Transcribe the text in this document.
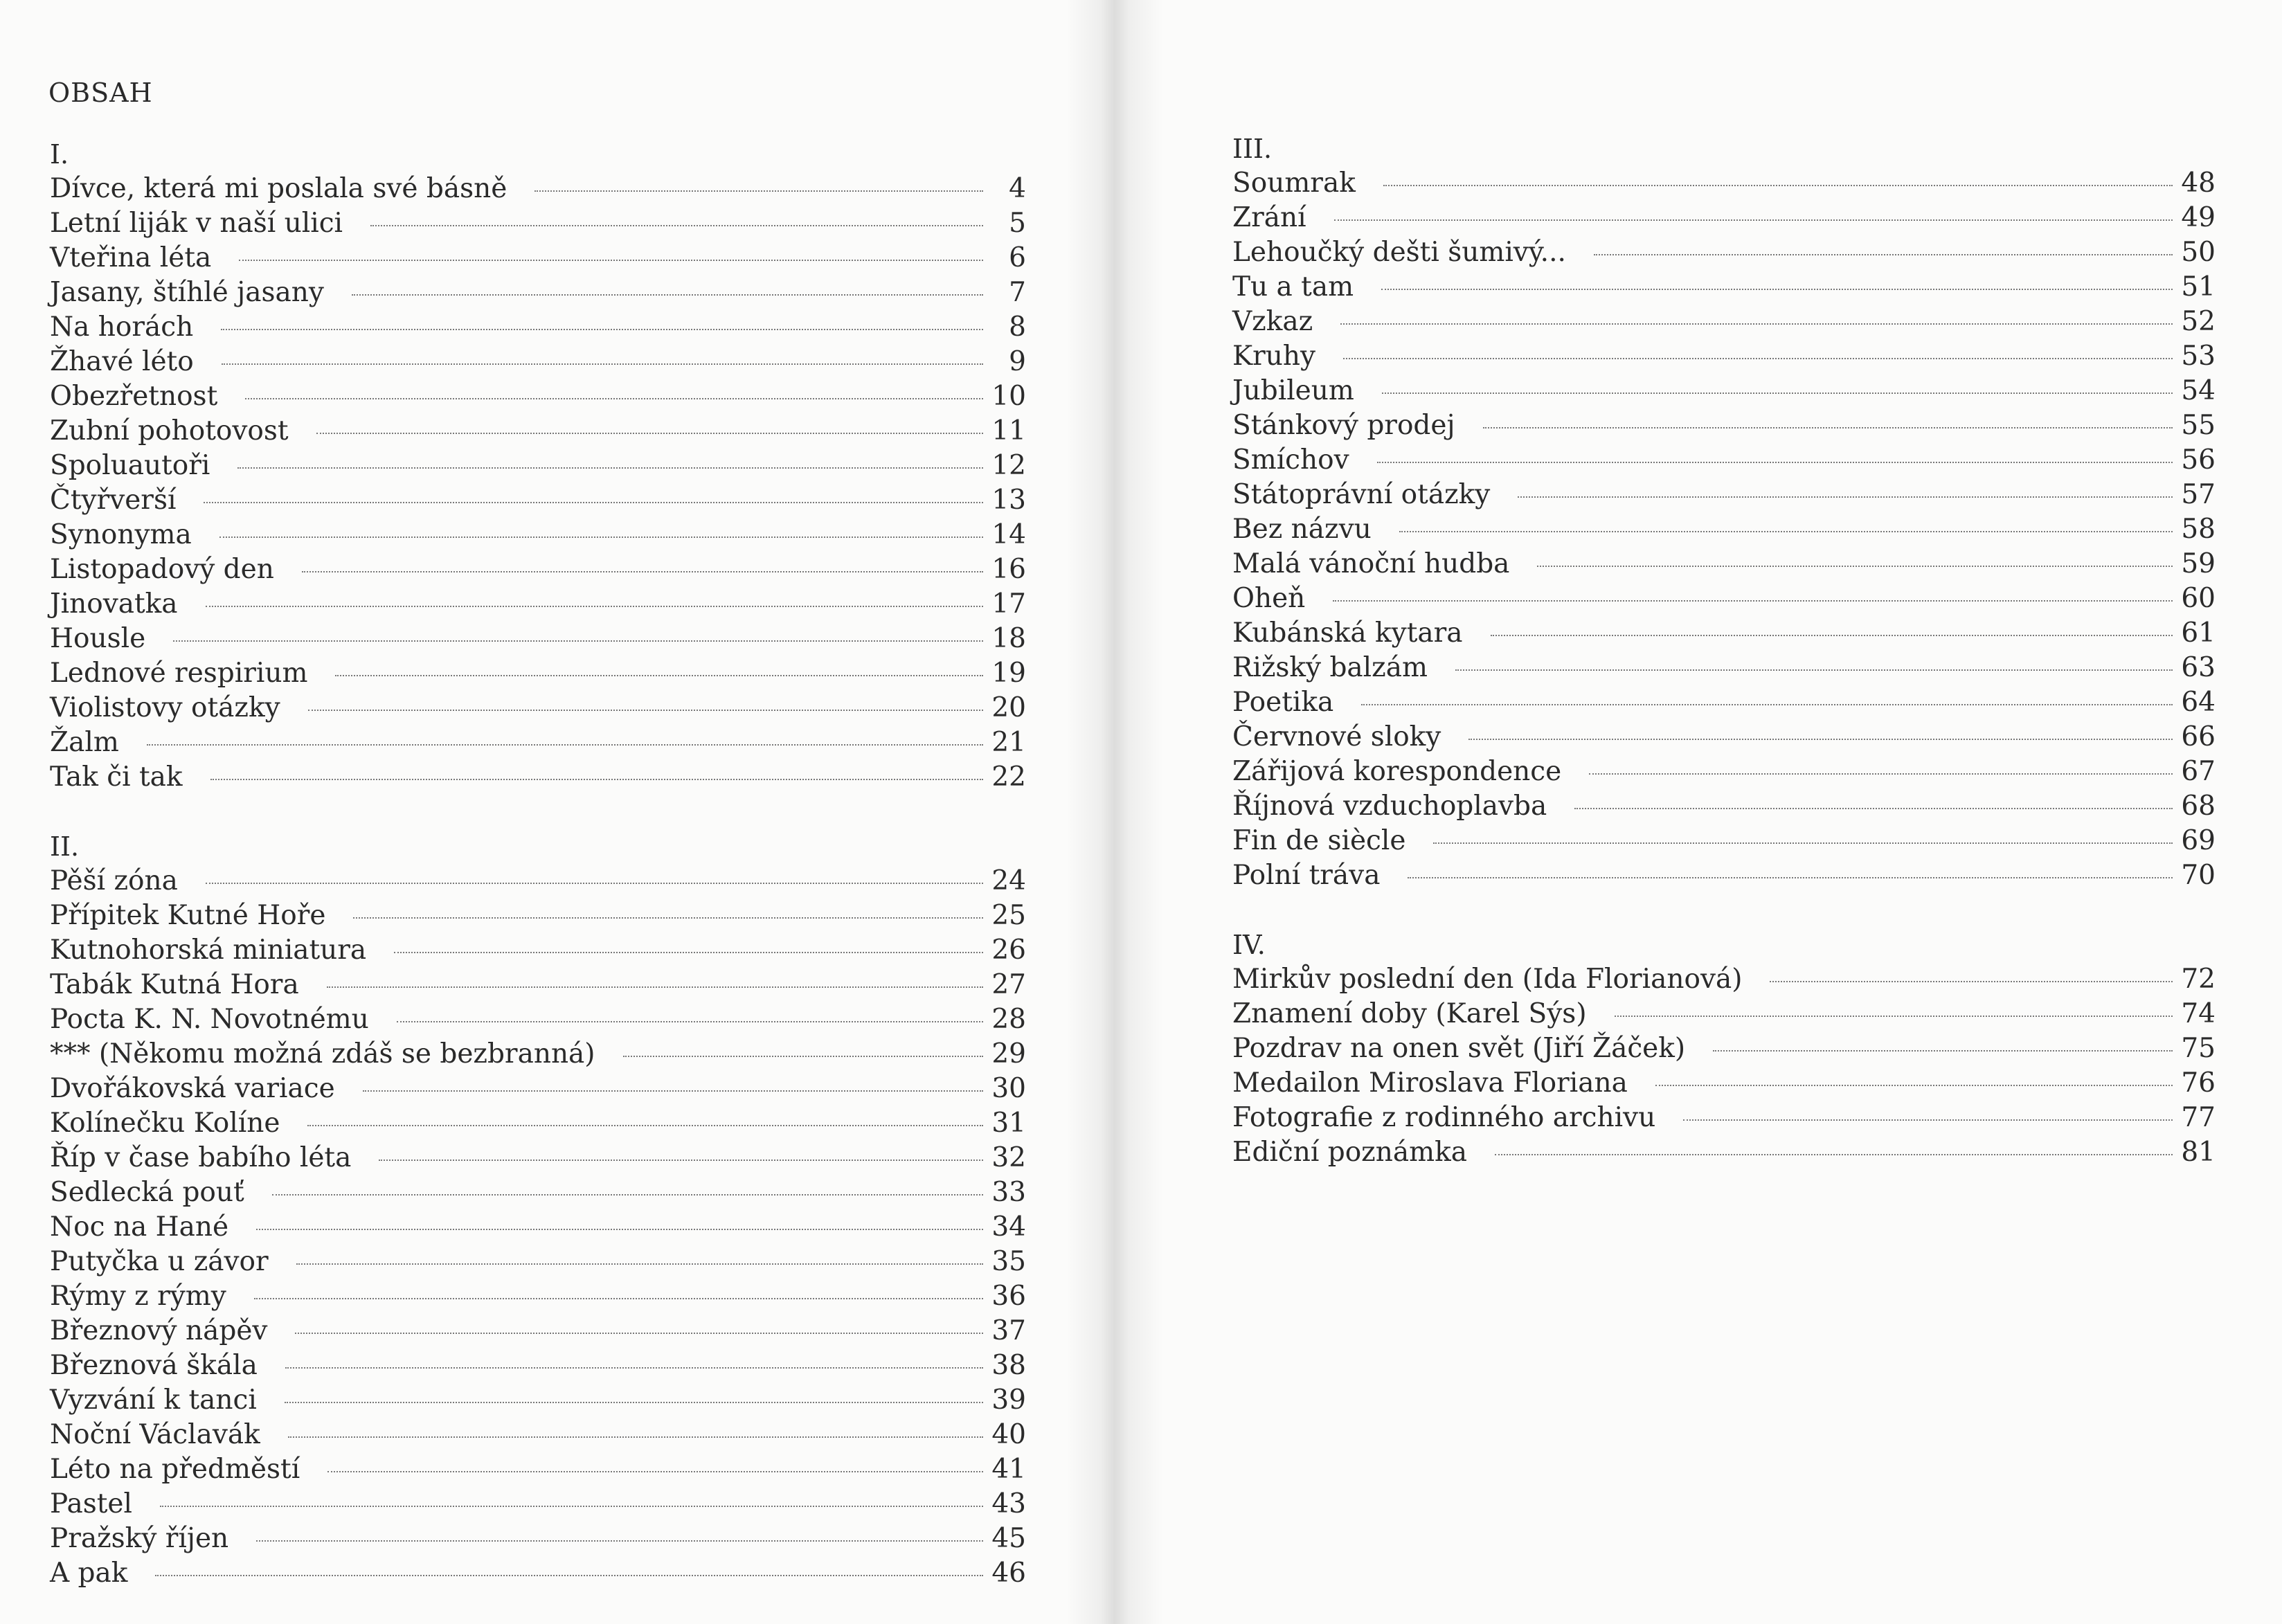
OBSAH
I.
Dívce, která mi poslala své básně	4
Letní liják v naší ulici	5
Vteřina léta	6
Jasany, štíhlé jasany	7
Na horách	8
Žhavé léto	9
Obezřetnost	10
Zubní pohotovost	11
Spoluautoři	12
Čtyřverší	13
Synonyma	14
Listopadový den	16
Jinovatka	17
Housle	18
Lednové respirium	19
Violistovy otázky	20
Žalm	21
Tak či tak	22
II.
Pěší zóna	24
Přípitek Kutné Hoře	25
Kutnohorská miniatura	26
Tabák Kutná Hora	27
Pocta K. N. Novotnému	28
*** (Někomu možná zdáš se bezbranná)	29
Dvořákovská variace	30
Kolínečku Kolíne	31
Říp v čase babího léta	32
Sedlecká pouť	33
Noc na Hané	34
Putyčka u závor	35
Rýmy z rýmy	36
Březnový nápěv	37
Březnová škála	38
Vyzvání k tanci	39
Noční Václavák	40
Léto na předměstí	41
Pastel	43
Pražský říjen	45
A pak	46
III.
Soumrak	48
Zrání	49
Lehoučký dešti šumivý...	50
Tu a tam	51
Vzkaz	52
Kruhy	53
Jubileum	54
Stánkový prodej	55
Smíchov	56
Státoprávní otázky	57
Bez názvu	58
Malá vánoční hudba	59
Oheň	60
Kubánská kytara	61
Rižský balzám	63
Poetika	64
Červnové sloky	66
Zářijová korespondence	67
Říjnová vzduchoplavba	68
Fin de siècle	69
Polní tráva	70
IV.
Mirkův poslední den (Ida Florianová)	72
Znamení doby (Karel Sýs)	74
Pozdrav na onen svět (Jiří Žáček)	75
Medailon Miroslava Floriana	76
Fotografie z rodinného archivu	77
Ediční poznámka	81
